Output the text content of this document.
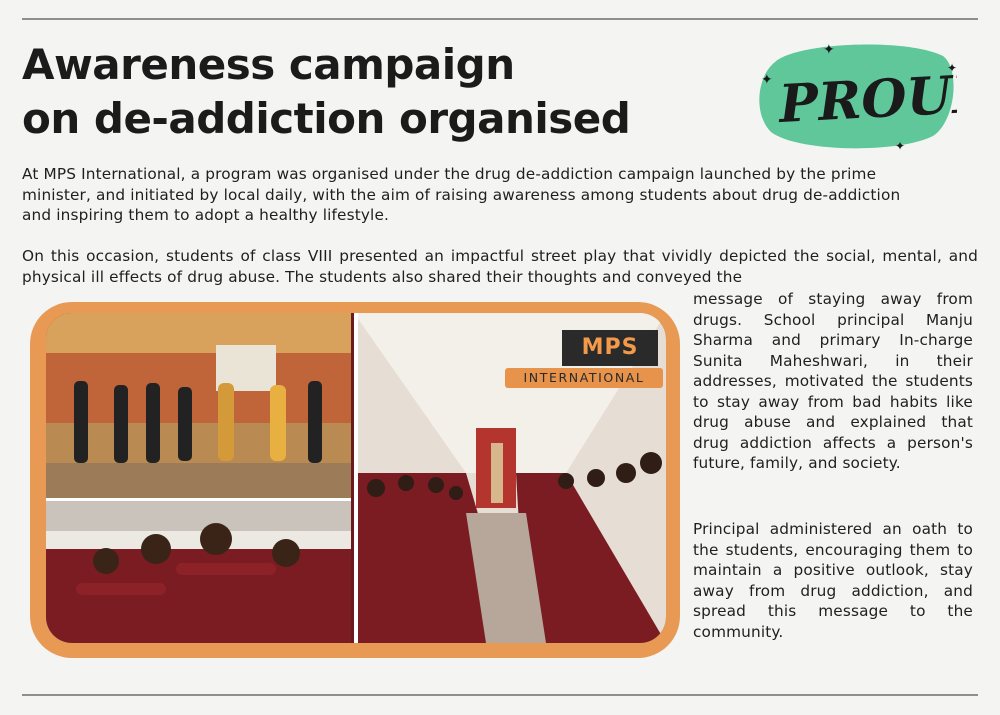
Awareness campaign
on de-addiction organised	PROUD
✦
✦
✦
✦

At MPS International, a program was organised under the drug de-addiction campaign launched by the prime minister, and initiated by local daily, with the aim of raising awareness among students about drug de-addiction and inspiring them to adopt a healthy lifestyle.

On this occasion, students of class VIII presented an impactful street play that vividly depicted the social, mental, and physical ill effects of drug abuse. The students also shared their thoughts and conveyed the

MPS
INTERNATIONAL

message of staying away from drugs. School principal Manju Sharma and primary In-charge Sunita Maheshwari, in their addresses, motivated the students to stay away from bad habits like drug abuse and explained that drug addiction affects a person's future, family, and society.

Principal administered an oath to the students, encouraging them to maintain a positive outlook, stay away from drug addiction, and spread this message to the community.
